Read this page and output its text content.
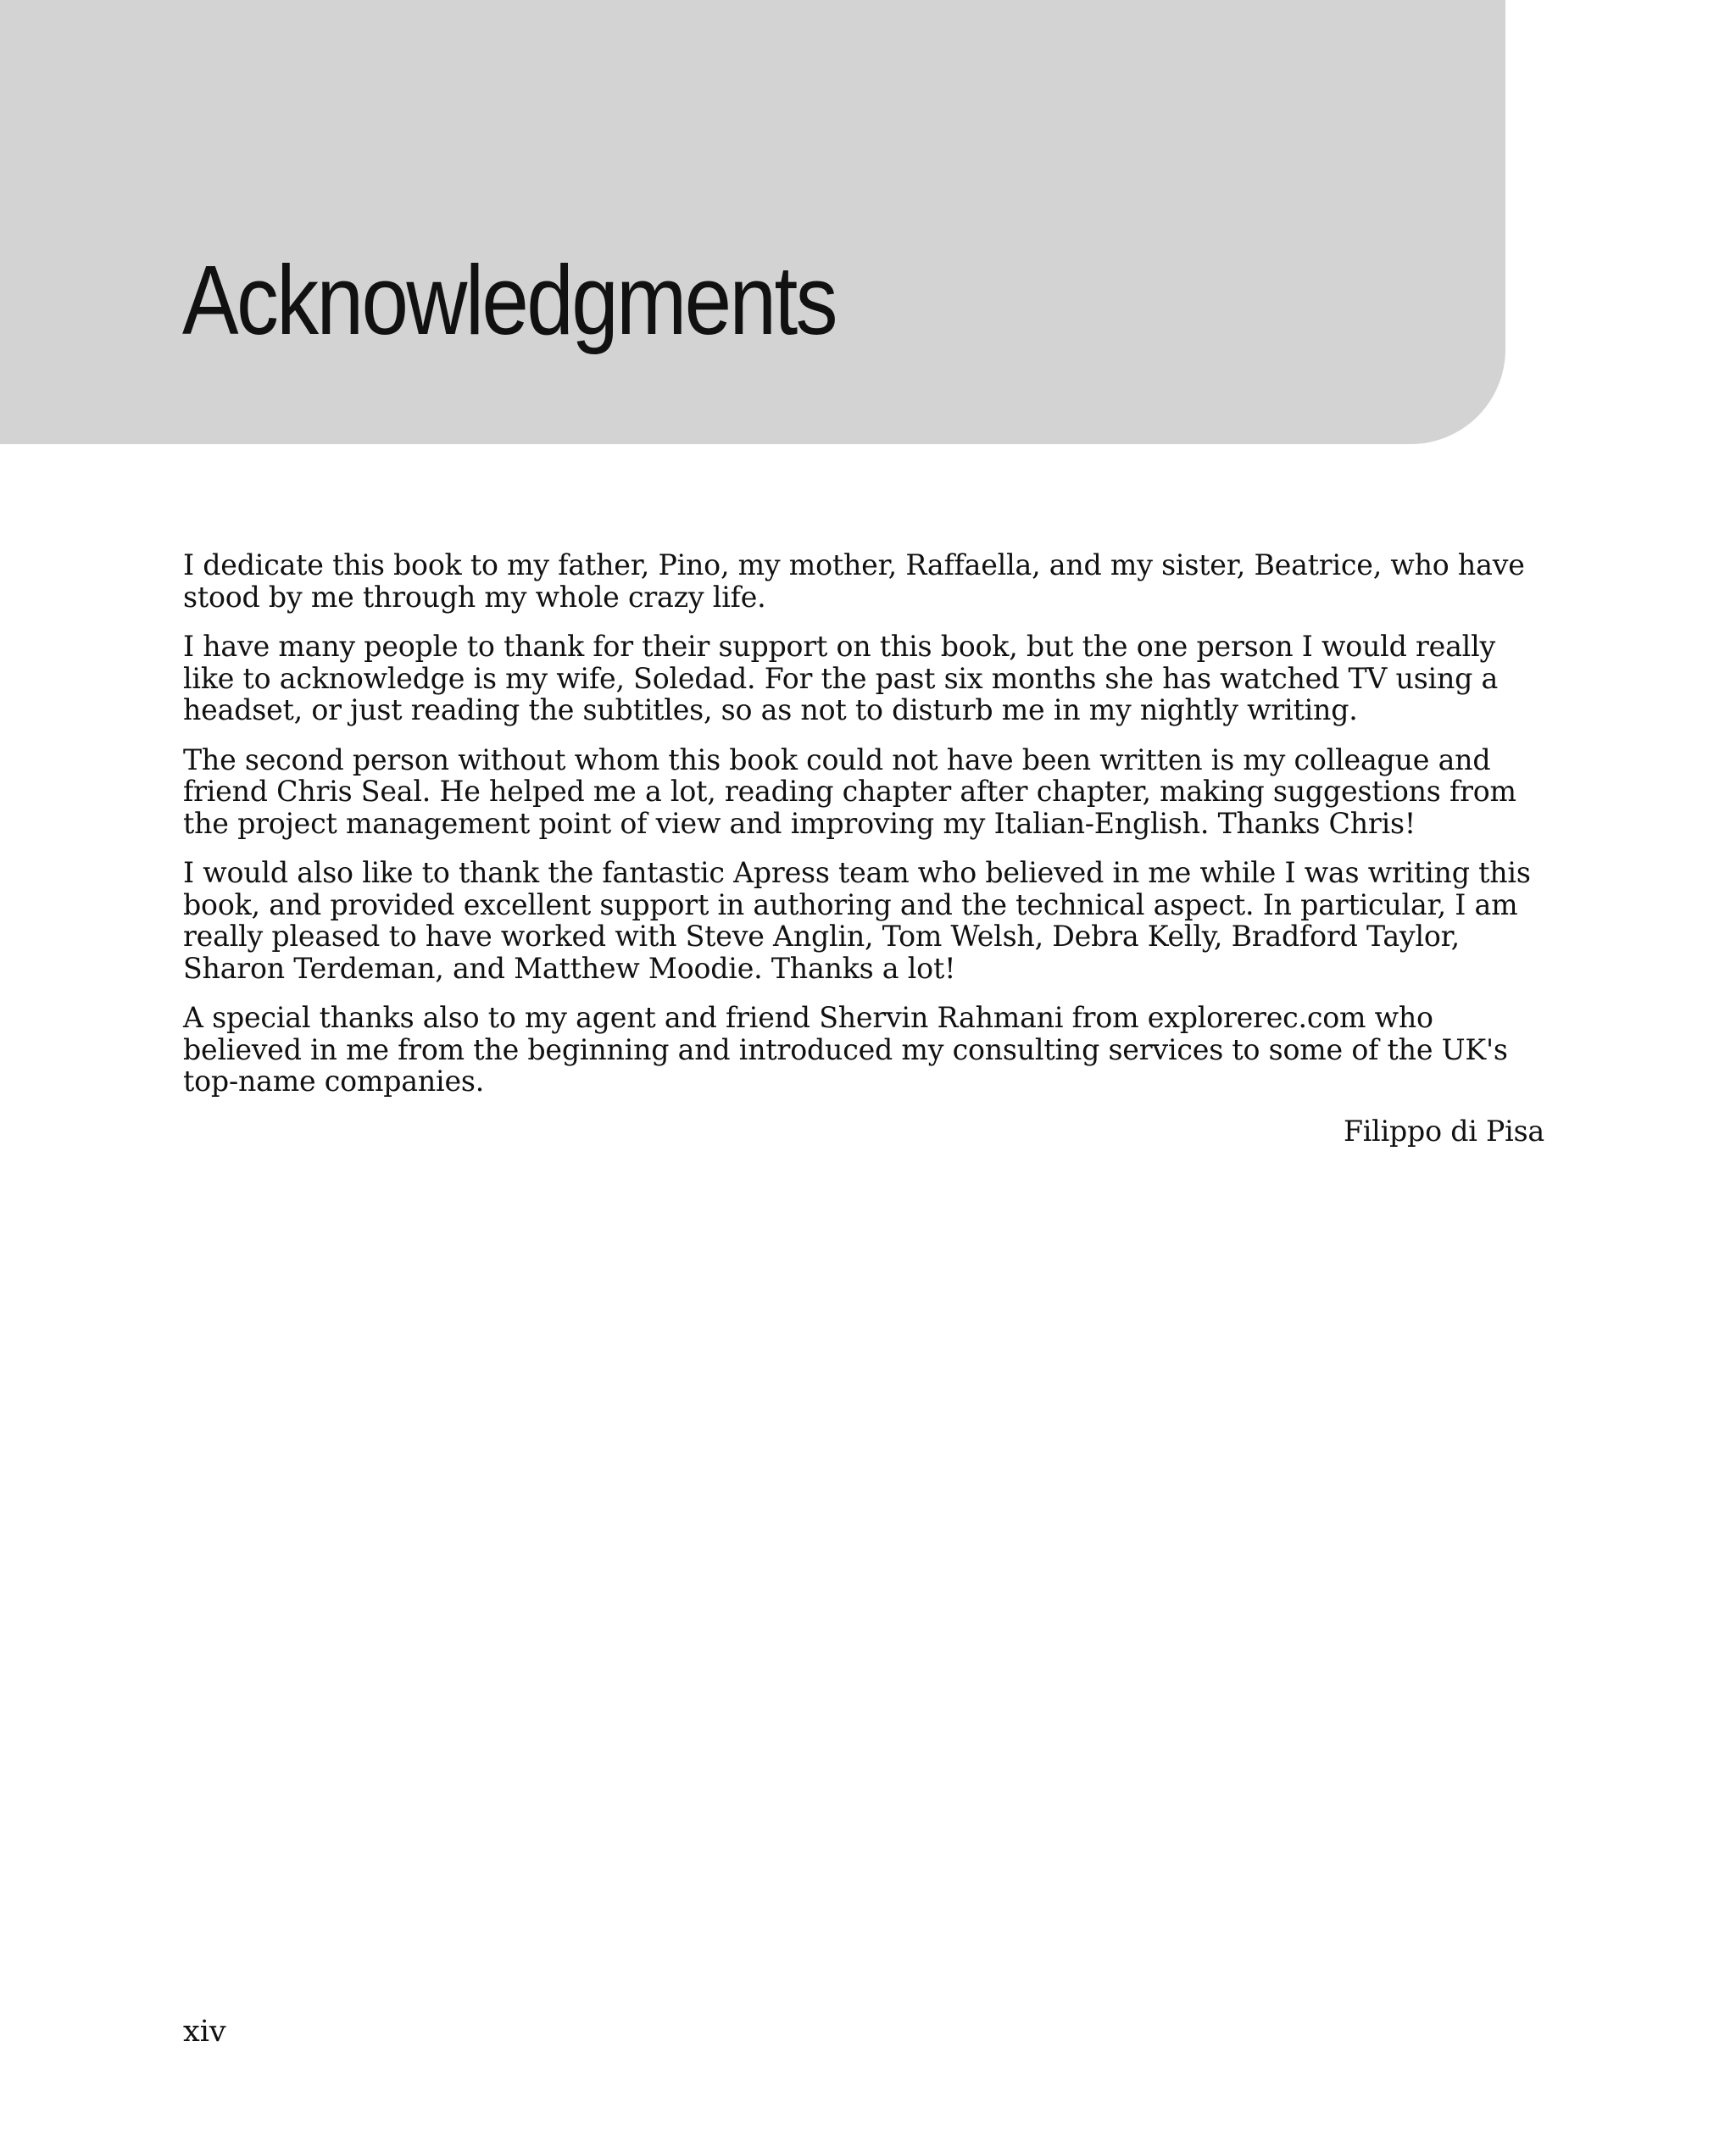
Acknowledgments

I dedicate this book to my father, Pino, my mother, Raffaella, and my sister, Beatrice, who have stood by me through my whole crazy life.

I have many people to thank for their support on this book, but the one person I would really like to acknowledge is my wife, Soledad. For the past six months she has watched TV using a headset, or just reading the subtitles, so as not to disturb me in my nightly writing.

The second person without whom this book could not have been written is my colleague and friend Chris Seal. He helped me a lot, reading chapter after chapter, making suggestions from the project management point of view and improving my Italian-English. Thanks Chris!

I would also like to thank the fantastic Apress team who believed in me while I was writing this book, and provided excellent support in authoring and the technical aspect. In particular, I am really pleased to have worked with Steve Anglin, Tom Welsh, Debra Kelly, Bradford Taylor, Sharon Terdeman, and Matthew Moodie. Thanks a lot!

A special thanks also to my agent and friend Shervin Rahmani from explorerec.com who believed in me from the beginning and introduced my consulting services to some of the UK's top-name companies.

Filippo di Pisa

xiv
